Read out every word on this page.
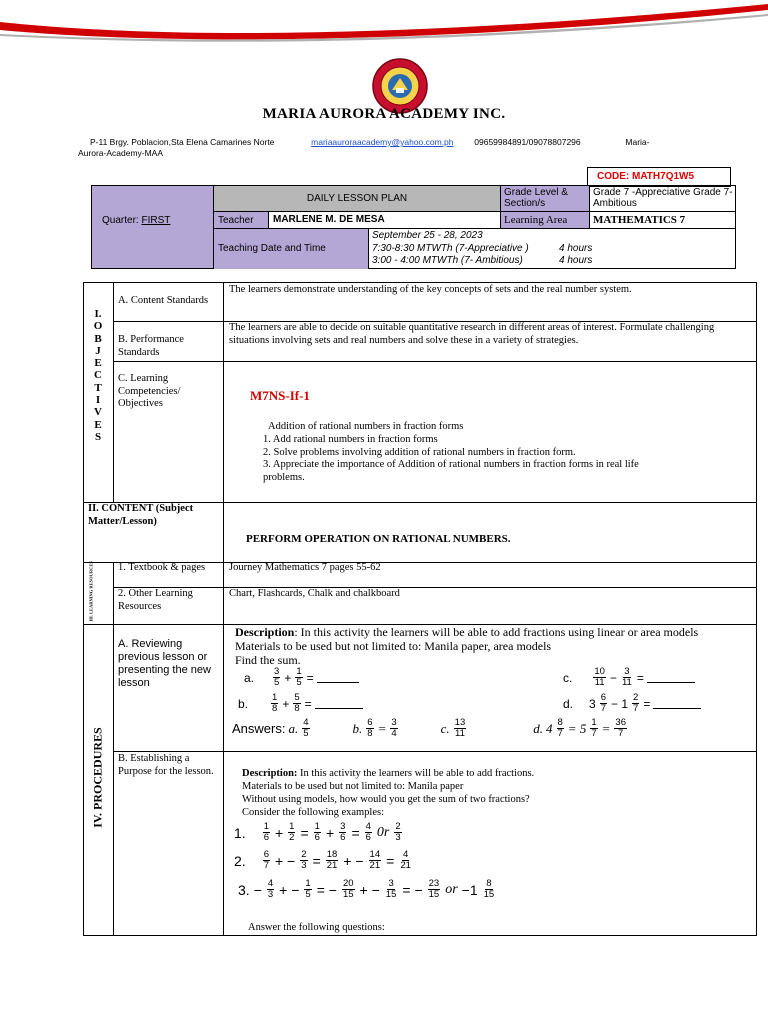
MARIA AURORA ACADEMY INC.
P-11 Brgy. Poblacion,Sta Elena Camarines Norte	mariaauroraacademy@yahoo.com.ph 09659984891/09078807296	Maria-
Aurora-Academy-MAA
CODE: MATH7Q1W5
Quarter: FIRST
DAILY LESSON PLAN
Grade Level & Section/s
Grade 7 -Appreciative Grade 7- Ambitious
Teacher	MARLENE M. DE MESA	Learning Area	MATHEMATICS 7
Teaching Date and Time
September 25 - 28, 2023
7:30-8:30 MTWTh (7-Appreciative )	4 hours
3:00 - 4:00 MTWTh (7- Ambitious)	4 hours
I.
O
B
J
E
C
T
I
V
E
S
A. Content Standards
The learners demonstrate understanding of the key concepts of sets and the real number system.
B. Performance Standards
The learners are able to decide on suitable quantitative research in different areas of interest. Formulate challenging situations involving sets and real numbers and solve these in a variety of strategies.
C. Learning Competencies/ Objectives
M7NS-If-1
Addition of rational numbers in fraction forms
1. Add rational numbers in fraction forms
2. Solve problems involving addition of rational numbers in fraction form.
3. Appreciate the importance of Addition of rational numbers in fraction forms in real life problems.
II. CONTENT (Subject Matter/Lesson)
PERFORM OPERATION ON RATIONAL NUMBERS.
III. LEARNING RESOURCES 1. Textbook & pages	Journey Mathematics 7 pages 55-62
2. Other Learning Resources
Chart, Flashcards, Chalk and chalkboard
IV. PROCEDURES
A. Reviewing previous lesson or presenting the new lesson
Description: In this activity the learners will be able to add fractions using linear or area models
Materials to be used but not limited to: Manila paper, area models
Find the sum.
a. $\frac{3}{5} + \frac{1}{5}$ =	c. $\frac{10}{11} - \frac{3}{11}$ =
b. $\frac{1}{8} + \frac{5}{8}$ =	d. $3 \frac{6}{7} - 1 \frac{2}{7}$ =
Answers: a. $\frac{4}{5}$	b. $\frac{6}{8} = \frac{3}{4}$	c. $\frac{13}{11}$	d. $4 \frac{8}{7} = 5 \frac{1}{7} = \frac{36}{7}$
B. Establishing a Purpose for the lesson.	Description: In this activity the learners will be able to add fractions.
Materials to be used but not limited to: Manila paper
Without using models, how would you get the sum of two fractions?
Consider the following examples:
1. $\frac{1}{6} + \frac{1}{2} = \frac{1}{6} + \frac{3}{6} = \frac{4}{6} 0r \frac{2}{3}$
2. $\frac{6}{7}$ + − $\frac{2}{3} = \frac{18}{21}$ + − $\frac{14}{21} = \frac{4}{21}$
3. − $\frac{4}{3}$ + − $\frac{1}{5}$ = − $\frac{20}{15}$ + − $\frac{3}{15}$ = − $\frac{23}{15}$ or $-1 \frac{8}{15}$
Answer the following questions:
